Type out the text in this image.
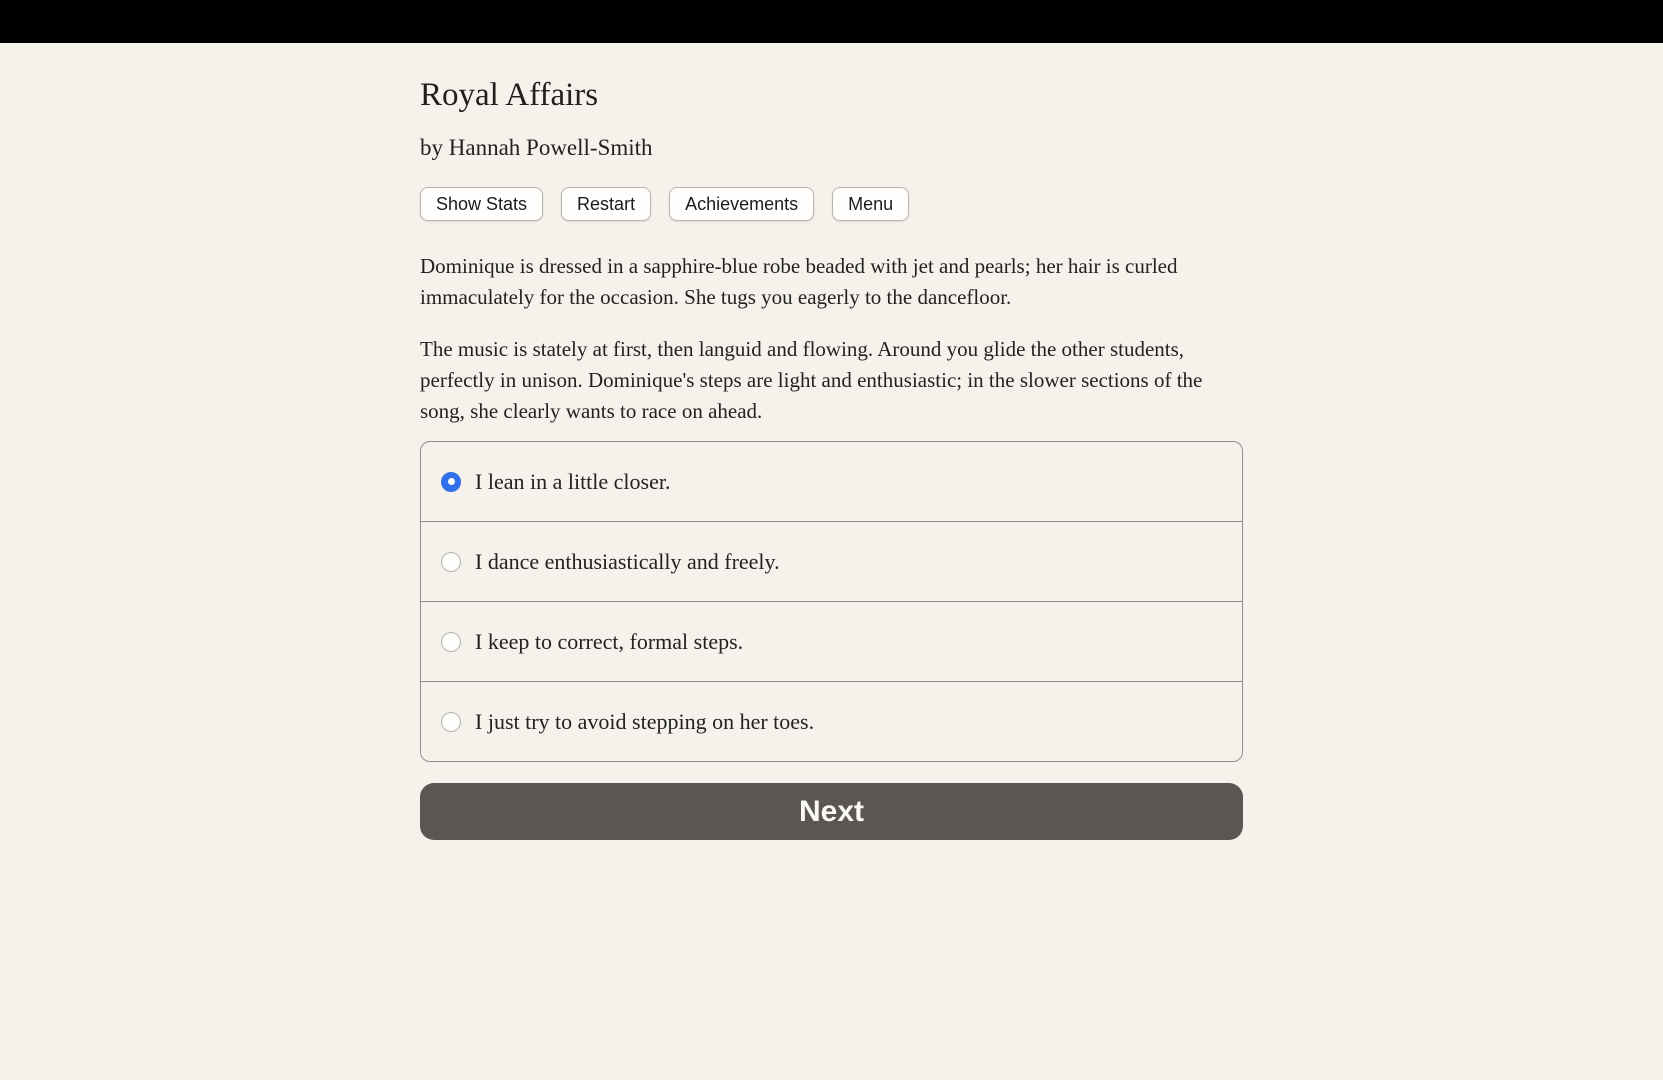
Royal Affairs
by Hannah Powell-Smith
Show Stats	Restart	Achievements	Menu

Dominique is dressed in a sapphire-blue robe beaded with jet and pearls; her hair is curled immaculately for the occasion. She tugs you eagerly to the dancefloor.

The music is stately at first, then languid and flowing. Around you glide the other students, perfectly in unison. Dominique's steps are light and enthusiastic; in the slower sections of the song, she clearly wants to race on ahead.

I lean in a little closer.
I dance enthusiastically and freely.
I keep to correct, formal steps.
I just try to avoid stepping on her toes.
Next
